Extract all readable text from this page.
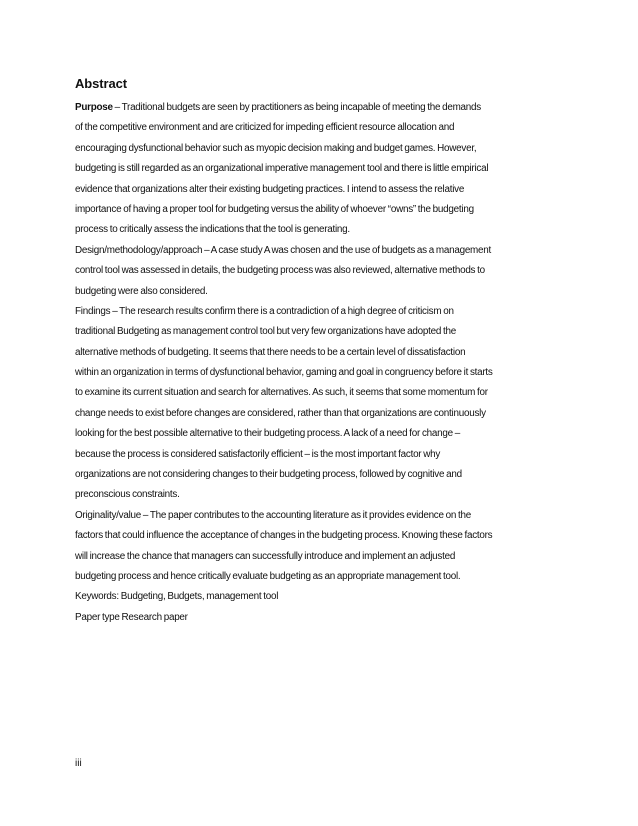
Abstract
Purpose – Traditional budgets are seen by practitioners as being incapable of meeting the demands
of the competitive environment and are criticized for impeding efficient resource allocation and
encouraging dysfunctional behavior such as myopic decision making and budget games. However,
budgeting is still regarded as an organizational imperative management tool and there is little empirical
evidence that organizations alter their existing budgeting practices. I intend to assess the relative
importance of having a proper tool for budgeting versus the ability of whoever “owns” the budgeting
process to critically assess the indications that the tool is generating.
Design/methodology/approach – A case study A was chosen and the use of budgets as a management
control tool was assessed in details, the budgeting process was also reviewed, alternative methods to
budgeting were also considered.
Findings – The research results confirm there is a contradiction of a high degree of criticism on
traditional Budgeting as management control tool but very few organizations have adopted the
alternative methods of budgeting. It seems that there needs to be a certain level of dissatisfaction
within an organization in terms of dysfunctional behavior, gaming and goal in congruency before it starts
to examine its current situation and search for alternatives. As such, it seems that some momentum for
change needs to exist before changes are considered, rather than that organizations are continuously
looking for the best possible alternative to their budgeting process. A lack of a need for change –
because the process is considered satisfactorily efficient – is the most important factor why
organizations are not considering changes to their budgeting process, followed by cognitive and
preconscious constraints.
Originality/value – The paper contributes to the accounting literature as it provides evidence on the
factors that could influence the acceptance of changes in the budgeting process. Knowing these factors
will increase the chance that managers can successfully introduce and implement an adjusted
budgeting process and hence critically evaluate budgeting as an appropriate management tool.
Keywords: Budgeting, Budgets, management tool
Paper type Research paper
iii
